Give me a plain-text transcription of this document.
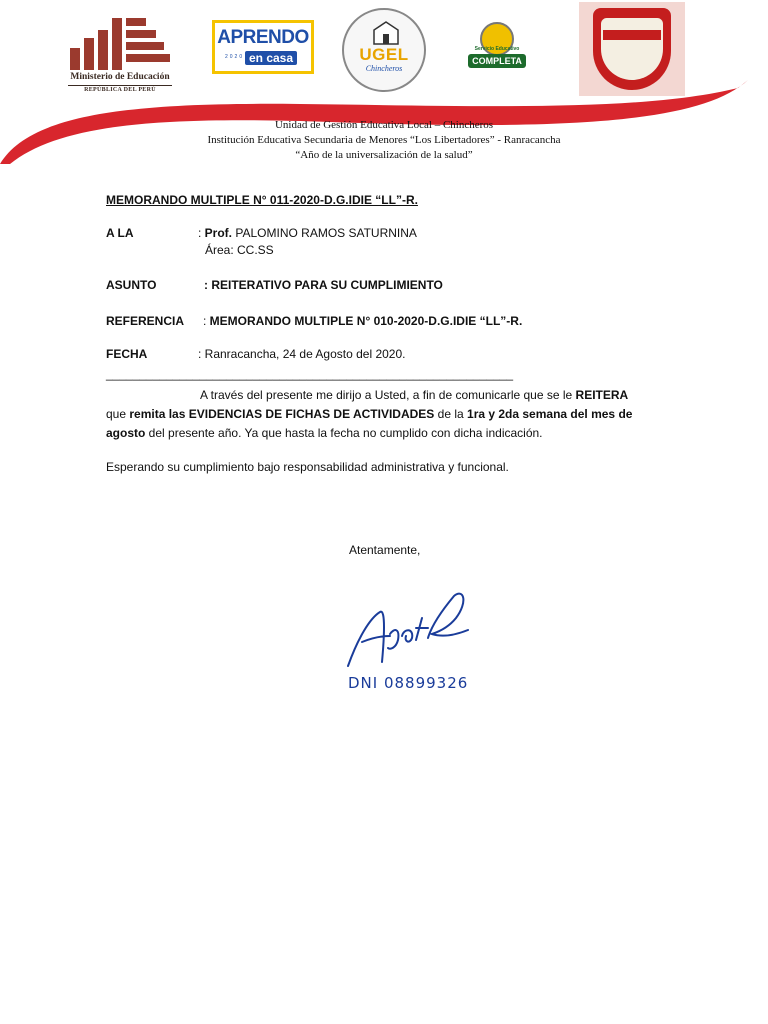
Ministerio de Educación
REPÚBLICA DEL PERÚ
APRENDO
2020 en casa	UGEL
Chincheros
Servicio Educativo
COMPLETA
Unidad de Gestión Educativa Local – Chincheros
Institución Educativa Secundaria de Menores “Los Libertadores” - Ranracancha
“Año de la universalización de la salud”
MEMORANDO MULTIPLE N° 011-2020-D.G.IDIE “LL”-R.
A LA	: Prof. PALOMINO RAMOS SATURNINA
Área: CC.SS
ASUNTO	: REITERATIVO PARA SU CUMPLIMIENTO
REFERENCIA : MEMORANDO MULTIPLE N° 010-2020-D.G.IDIE “LL”-R.
FECHA	: Ranracancha, 24 de Agosto del 2020.
_____________________________________________________________
A través del presente me dirijo a Usted, a fin de comunicarle que se le REITERA
que remita las EVIDENCIAS DE FICHAS DE ACTIVIDADES de la 1ra y 2da semana del mes de agosto del presente año. Ya que hasta la fecha no cumplido con dicha indicación.
Esperando su cumplimiento bajo responsabilidad administrativa y funcional.
Atentamente,
DNI 08899326
